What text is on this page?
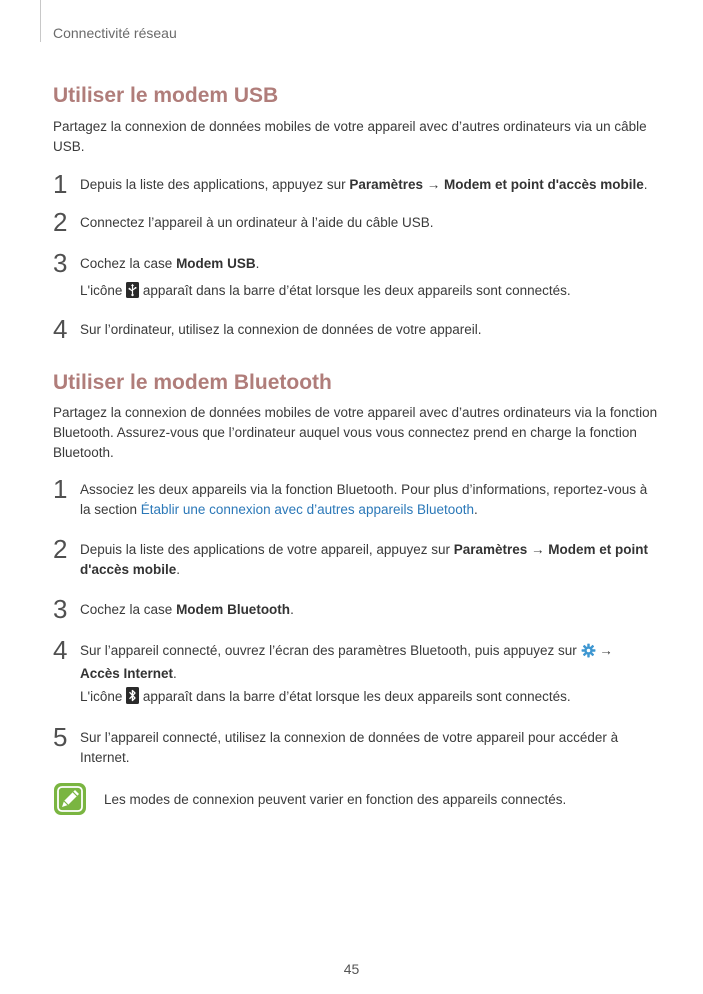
Connectivité réseau
Utiliser le modem USB

Partagez la connexion de données mobiles de votre appareil avec d’autres ordinateurs via un câble USB.

1 Depuis la liste des applications, appuyez sur Paramètres → Modem et point d'accès mobile.
2 Connectez l’appareil à un ordinateur à l’aide du câble USB.
3 Cochez la case Modem USB.
L'icône  apparaît dans la barre d’état lorsque les deux appareils sont connectés.
4 Sur l’ordinateur, utilisez la connexion de données de votre appareil.
Utiliser le modem Bluetooth

Partagez la connexion de données mobiles de votre appareil avec d’autres ordinateurs via la fonction Bluetooth. Assurez-vous que l’ordinateur auquel vous vous connectez prend en charge la fonction Bluetooth.

1 Associez les deux appareils via la fonction Bluetooth. Pour plus d’informations, reportez-vous à la section Établir une connexion avec d’autres appareils Bluetooth.
2 Depuis la liste des applications de votre appareil, appuyez sur Paramètres → Modem et point d'accès mobile.
3 Cochez la case Modem Bluetooth.
4 Sur l’appareil connecté, ouvrez l’écran des paramètres Bluetooth, puis appuyez sur  → Accès Internet.
L'icône  apparaît dans la barre d’état lorsque les deux appareils sont connectés.
5 Sur l’appareil connecté, utilisez la connexion de données de votre appareil pour accéder à Internet.
Les modes de connexion peuvent varier en fonction des appareils connectés.
45
